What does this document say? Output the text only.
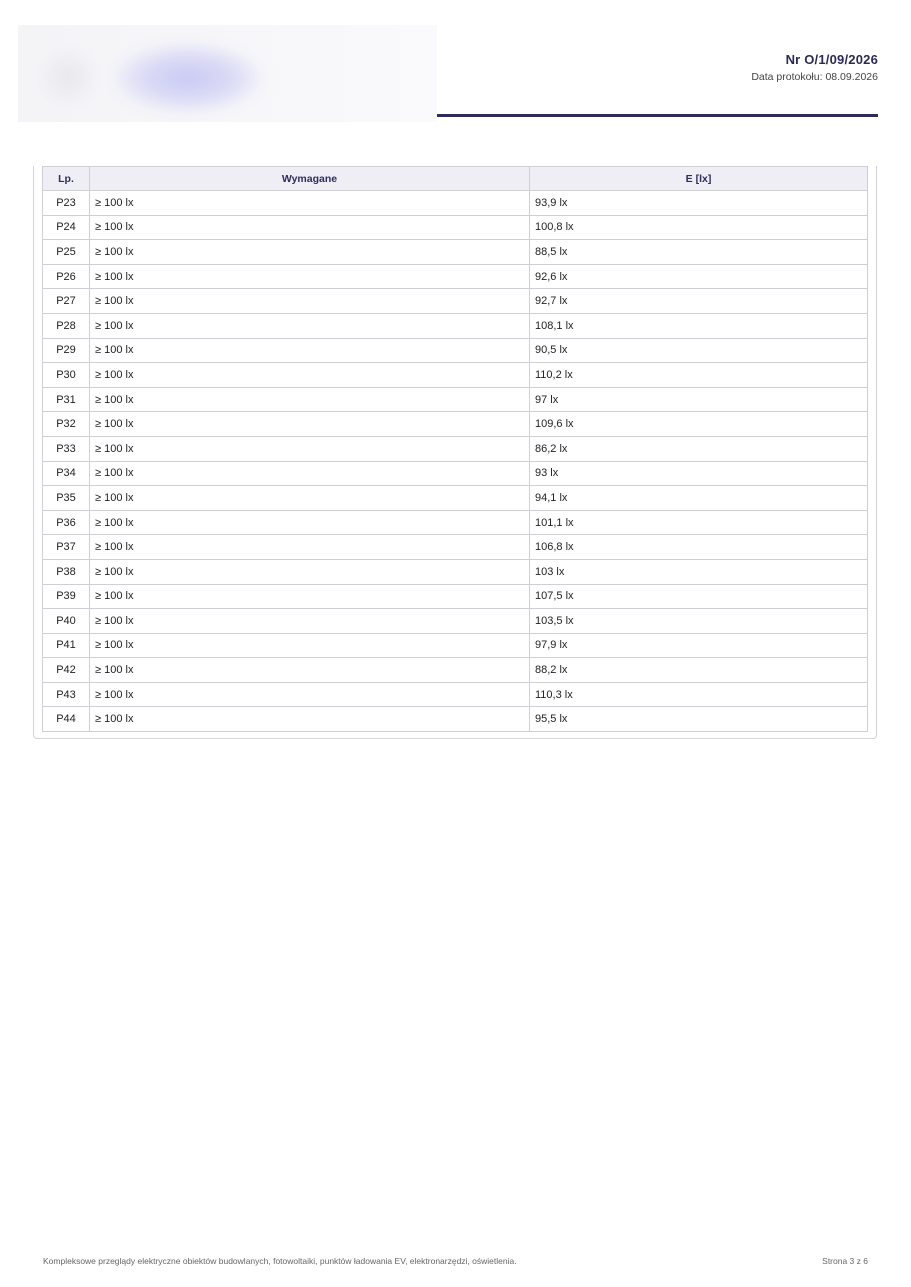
Nr O/1/09/2026
Data protokołu: 08.09.2026
Lp.	Wymagane	E [lx]
P23	≥ 100 lx	93,9 lx
P24	≥ 100 lx	100,8 lx
P25	≥ 100 lx	88,5 lx
P26	≥ 100 lx	92,6 lx
P27	≥ 100 lx	92,7 lx
P28	≥ 100 lx	108,1 lx
P29	≥ 100 lx	90,5 lx
P30	≥ 100 lx	110,2 lx
P31	≥ 100 lx	97 lx
P32	≥ 100 lx	109,6 lx
P33	≥ 100 lx	86,2 lx
P34	≥ 100 lx	93 lx
P35	≥ 100 lx	94,1 lx
P36	≥ 100 lx	101,1 lx
P37	≥ 100 lx	106,8 lx
P38	≥ 100 lx	103 lx
P39	≥ 100 lx	107,5 lx
P40	≥ 100 lx	103,5 lx
P41	≥ 100 lx	97,9 lx
P42	≥ 100 lx	88,2 lx
P43	≥ 100 lx	110,3 lx
P44	≥ 100 lx	95,5 lx
Kompleksowe przeglądy elektryczne obiektów budowlanych, fotowoltaiki, punktów ładowania EV, elektronarzędzi, oświetlenia.	Strona 3 z 6
